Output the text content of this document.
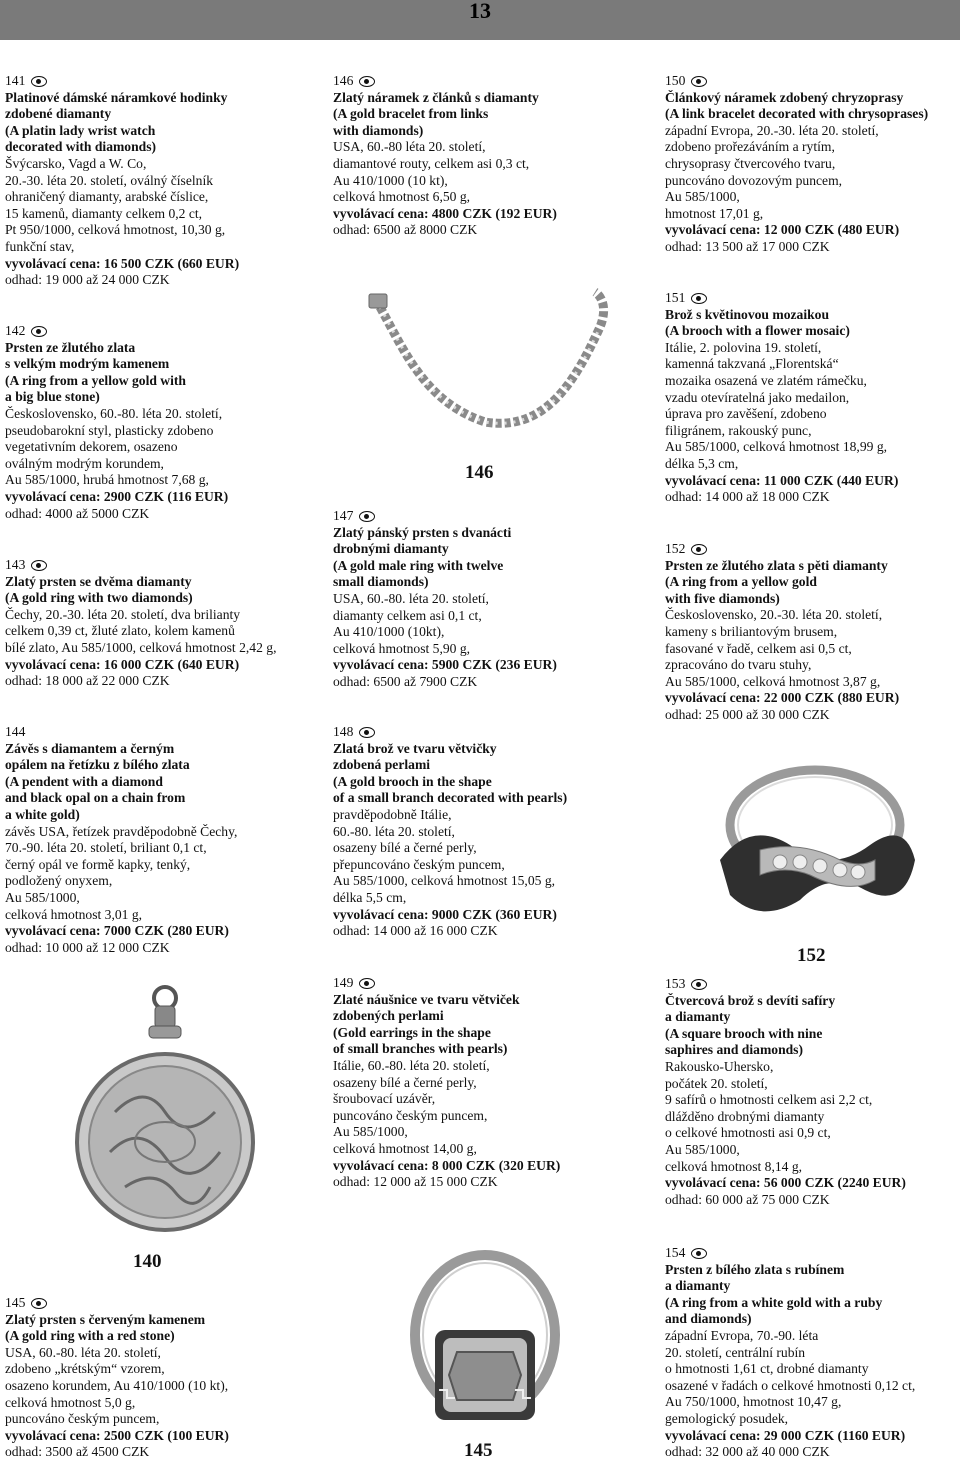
13
141
Platinové dámské náramkové hodinky
zdobené diamanty
(A platin lady wrist watch
decorated with diamonds)
Švýcarsko, Vagd a W. Co,
20.-30. léta 20. století, oválný číselník
ohraničený diamanty, arabské číslice,
15 kamenů, diamanty celkem 0,2 ct,
Pt 950/1000, celková hmotnost, 10,30 g,
funkční stav,
vyvolávací cena: 16 500 CZK (660 EUR)
odhad: 19 000 až 24 000 CZK
142
Prsten ze žlutého zlata
s velkým modrým kamenem
(A ring from a yellow gold with
a big blue stone)
Československo, 60.-80. léta 20. století,
pseudobarokní styl, plasticky zdobeno
vegetativním dekorem, osazeno
oválným modrým korundem,
Au 585/1000, hrubá hmotnost 7,68 g,
vyvolávací cena: 2900 CZK (116 EUR)
odhad: 4000 až 5000 CZK
143
Zlatý prsten se dvěma diamanty
(A gold ring with two diamonds)
Čechy, 20.-30. léta 20. století, dva brilianty
celkem 0,39 ct, žluté zlato, kolem kamenů
bílé zlato, Au 585/1000, celková hmotnost 2,42 g,
vyvolávací cena: 16 000 CZK (640 EUR)
odhad: 18 000 až 22 000 CZK
144
Závěs s diamantem a černým
opálem na řetízku z bílého zlata
(A pendent with a diamond
and black opal on a chain from
a white gold)
závěs USA, řetízek pravděpodobně Čechy,
70.-90. léta 20. století, briliant 0,1 ct,
černý opál ve formě kapky, tenký,
podložený onyxem,
Au 585/1000,
celková hmotnost 3,01 g,
vyvolávací cena: 7000 CZK (280 EUR)
odhad: 10 000 až 12 000 CZK
145
Zlatý prsten s červeným kamenem
(A gold ring with a red stone)
USA, 60.-80. léta 20. století,
zdobeno „krétským“ vzorem,
osazeno korundem, Au 410/1000 (10 kt),
celková hmotnost 5,0 g,
puncováno českým puncem,
vyvolávací cena: 2500 CZK (100 EUR)
odhad: 3500 až 4500 CZK
140
146
Zlatý náramek z článků s diamanty
(A gold bracelet from links
with diamonds)
USA, 60.-80 léta 20. století,
diamantové routy, celkem asi 0,3 ct,
Au 410/1000 (10 kt),
celková hmotnost 6,50 g,
vyvolávací cena: 4800 CZK (192 EUR)
odhad: 6500 až 8000 CZK
147
Zlatý pánský prsten s dvanácti
drobnými diamanty
(A gold male ring with twelve
small diamonds)
USA, 60.-80. léta 20. století,
diamanty celkem asi 0,1 ct,
Au 410/1000 (10kt),
celková hmotnost 5,90 g,
vyvolávací cena: 5900 CZK (236 EUR)
odhad: 6500 až 7900 CZK
148
Zlatá brož ve tvaru větvičky
zdobená perlami
(A gold brooch in the shape
of a small branch decorated with pearls)
pravděpodobně Itálie,
60.-80. léta 20. století,
osazeny bílé a černé perly,
přepuncováno českým puncem,
Au 585/1000, celková hmotnost 15,05 g,
délka 5,5 cm,
vyvolávací cena: 9000 CZK (360 EUR)
odhad: 14 000 až 16 000 CZK
149
Zlaté náušnice ve tvaru větviček
zdobených perlami
(Gold earrings in the shape
of small branches with pearls)
Itálie, 60.-80. léta 20. století,
osazeny bílé a černé perly,
šroubovací uzávěr,
puncováno českým puncem,
Au 585/1000,
celková hmotnost 14,00 g,
vyvolávací cena: 8 000 CZK (320 EUR)
odhad: 12 000 až 15 000 CZK
146
145
150
Článkový náramek zdobený chryzoprasy
(A link bracelet decorated with chrysoprases)
západní Evropa, 20.-30. léta 20. století,
zdobeno prořezáváním a rytím,
chrysoprasy čtvercového tvaru,
puncováno dovozovým puncem,
Au 585/1000,
hmotnost 17,01 g,
vyvolávací cena: 12 000 CZK (480 EUR)
odhad: 13 500 až 17 000 CZK
151
Brož s květinovou mozaikou
(A brooch with a flower mosaic)
Itálie, 2. polovina 19. století,
kamenná takzvaná „Florentská“
mozaika osazená ve zlatém rámečku,
vzadu otevíratelná jako medailon,
úprava pro zavěšení, zdobeno
filigránem, rakouský punc,
Au 585/1000, celková hmotnost 18,99 g,
délka 5,3 cm,
vyvolávací cena: 11 000 CZK (440 EUR)
odhad: 14 000 až 18 000 CZK
152
Prsten ze žlutého zlata s pěti diamanty
(A ring from a yellow gold
with five diamonds)
Československo, 20.-30. léta 20. století,
kameny s briliantovým brusem,
fasované v řadě, celkem asi 0,5 ct,
zpracováno do tvaru stuhy,
Au 585/1000, celková hmotnost 3,87 g,
vyvolávací cena: 22 000 CZK (880 EUR)
odhad: 25 000 až 30 000 CZK
153
Čtvercová brož s devíti safíry
a diamanty
(A square brooch with nine
saphires and diamonds)
Rakousko-Uhersko,
počátek 20. století,
9 safírů o hmotnosti celkem asi 2,2 ct,
dlážděno drobnými diamanty
o celkové hmotnosti asi 0,9 ct,
Au 585/1000,
celková hmotnost 8,14 g,
vyvolávací cena: 56 000 CZK (2240 EUR)
odhad: 60 000 až 75 000 CZK
154
Prsten z bílého zlata s rubínem
a diamanty
(A ring from a white gold with a ruby
and diamonds)
západní Evropa, 70.-90. léta
20. století, centrální rubín
o hmotnosti 1,61 ct, drobné diamanty
osazené v řadách o celkové hmotnosti 0,12 ct,
Au 750/1000, hmotnost 10,47 g,
gemologický posudek,
vyvolávací cena: 29 000 CZK (1160 EUR)
odhad: 32 000 až 40 000 CZK
152
